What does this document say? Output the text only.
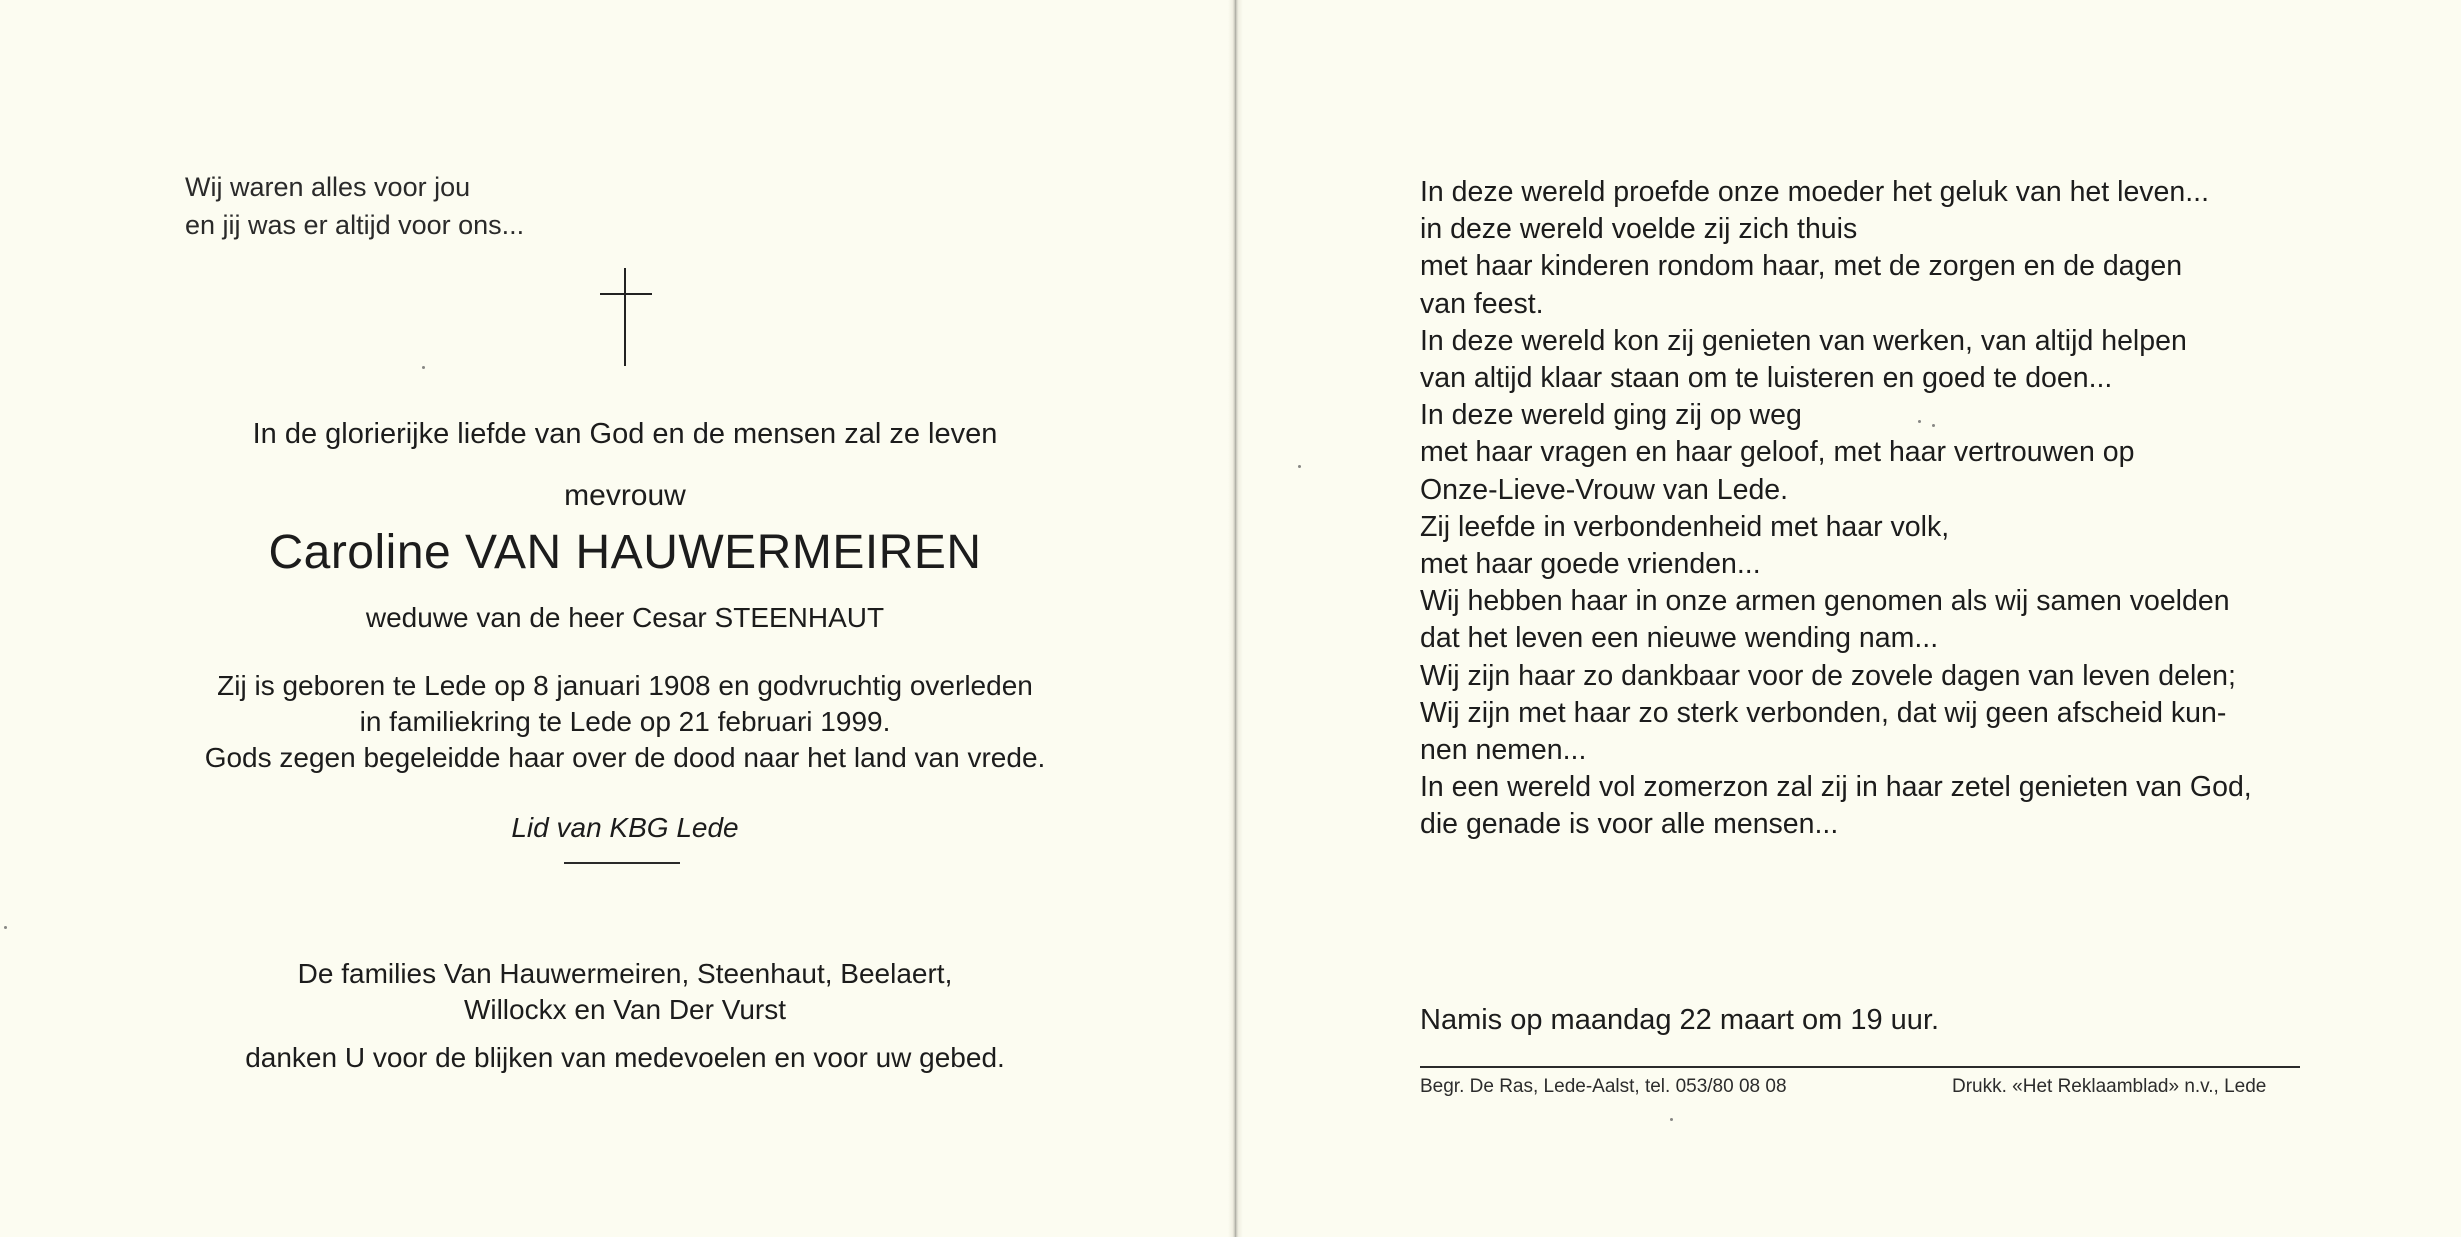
Wij waren alles voor jou
en jij was er altijd voor ons...
In de glorierijke liefde van God en de mensen zal ze leven
mevrouw
Caroline VAN HAUWERMEIREN
weduwe van de heer Cesar STEENHAUT
Zij is geboren te Lede op 8 januari 1908 en godvruchtig overleden
in familiekring te Lede op 21 februari 1999.
Gods zegen begeleidde haar over de dood naar het land van vrede.
Lid van KBG Lede
De families Van Hauwermeiren, Steenhaut, Beelaert,
Willockx en Van Der Vurst
danken U voor de blijken van medevoelen en voor uw gebed.
In deze wereld proefde onze moeder het geluk van het leven...
in deze wereld voelde zij zich thuis
met haar kinderen rondom haar, met de zorgen en de dagen
van feest.
In deze wereld kon zij genieten van werken, van altijd helpen
van altijd klaar staan om te luisteren en goed te doen...
In deze wereld ging zij op weg
met haar vragen en haar geloof, met haar vertrouwen op
Onze-Lieve-Vrouw van Lede.
Zij leefde in verbondenheid met haar volk,
met haar goede vrienden...
Wij hebben haar in onze armen genomen als wij samen voelden
dat het leven een nieuwe wending nam...
Wij zijn haar zo dankbaar voor de zovele dagen van leven delen;
Wij zijn met haar zo sterk verbonden, dat wij geen afscheid kun-
nen nemen...
In een wereld vol zomerzon zal zij in haar zetel genieten van God,
die genade is voor alle mensen...
Namis op maandag 22 maart om 19 uur.
Begr. De Ras, Lede-Aalst, tel. 053/80 08 08	Drukk. «Het Reklaamblad» n.v., Lede
